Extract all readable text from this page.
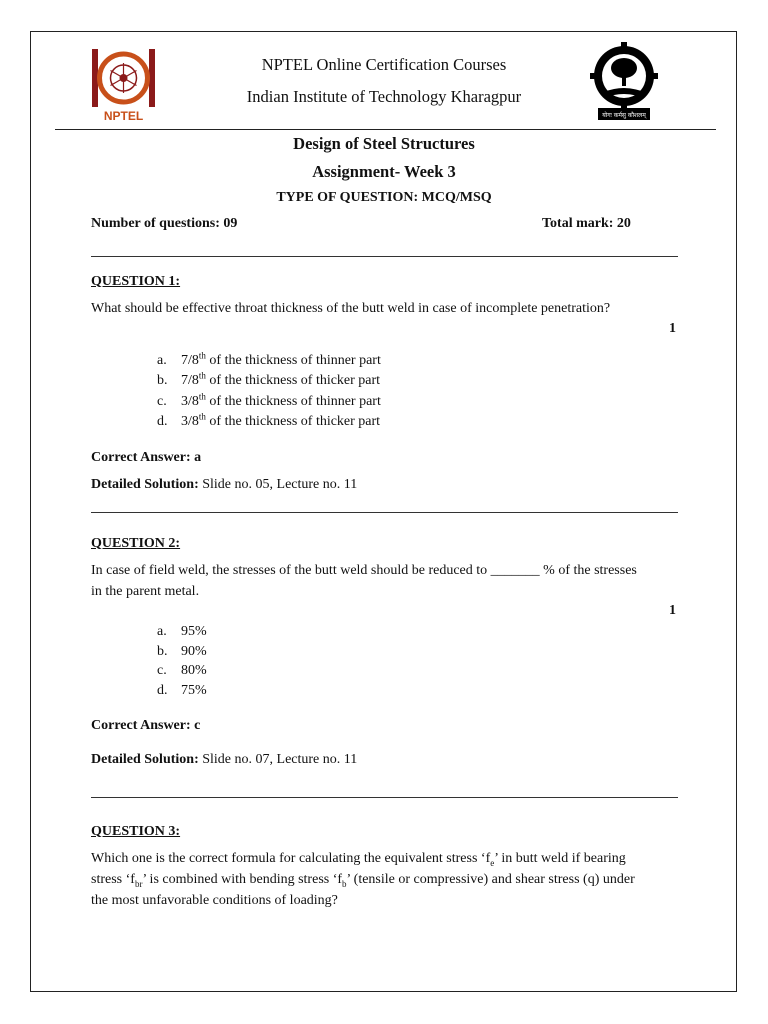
NPTEL	योगः कर्मसु कौशलम्
NPTEL Online Certification Courses
Indian Institute of Technology Kharagpur
Design of Steel Structures
Assignment- Week 3
TYPE OF QUESTION: MCQ/MSQ
Number of questions: 09	Total mark: 20
QUESTION 1:
What should be effective throat thickness of the butt weld in case of incomplete penetration?
1
a. 7/8th of the thickness of thinner part
b. 7/8th of the thickness of thicker part
c. 3/8th of the thickness of thinner part
d. 3/8th of the thickness of thicker part
Correct Answer: a
Detailed Solution: Slide no. 05, Lecture no. 11
QUESTION 2:
In case of field weld, the stresses of the butt weld should be reduced to _______ % of the stresses
in the parent metal.
1
a. 95%
b. 90%
c. 80%
d. 75%
Correct Answer: c
Detailed Solution: Slide no. 07, Lecture no. 11
QUESTION 3:
Which one is the correct formula for calculating the equivalent stress ‘$f_e$’ in butt weld if bearing
stress ‘$f_{br}$’ is combined with bending stress ‘$f_b$’ (tensile or compressive) and shear stress (q) under
the most unfavorable conditions of loading?
